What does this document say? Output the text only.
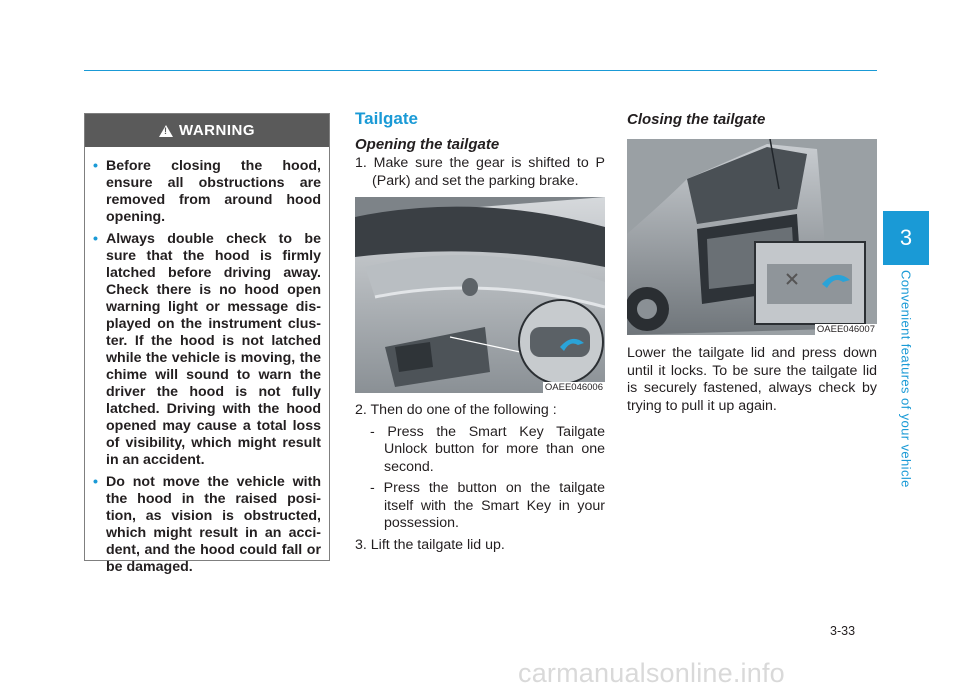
!
WARNING
• Before closing the hood, ensure all obstructions are removed from around hood opening.
• Always double check to be sure that the hood is firmly latched before driving away. Check there is no hood open warning light or message dis- played on the instrument clus- ter. If the hood is not latched while the vehicle is moving, the chime will sound to warn the driver the hood is not fully latched. Driving with the hood opened may cause a total loss of visibility, which might result in an accident.
• Do not move the vehicle with the hood in the raised posi- tion, as vision is obstructed, which might result in an acci- dent, and the hood could fall or be damaged.
Tailgate
Opening the tailgate
1. Make sure the gear is shifted to P (Park) and set the parking brake.
OAEE046006
2. Then do one of the following :
- Press the Smart Key Tailgate Unlock button for more than one second.
- Press the button on the tailgate itself with the Smart Key in your possession.
3. Lift the tailgate lid up.
Closing the tailgate
OAEE046007
Lower the tailgate lid and press down until it locks. To be sure the tailgate lid is securely fastened, always check by trying to pull it up again.
3
Convenient features of your vehicle
3-33
carmanualsonline.info
